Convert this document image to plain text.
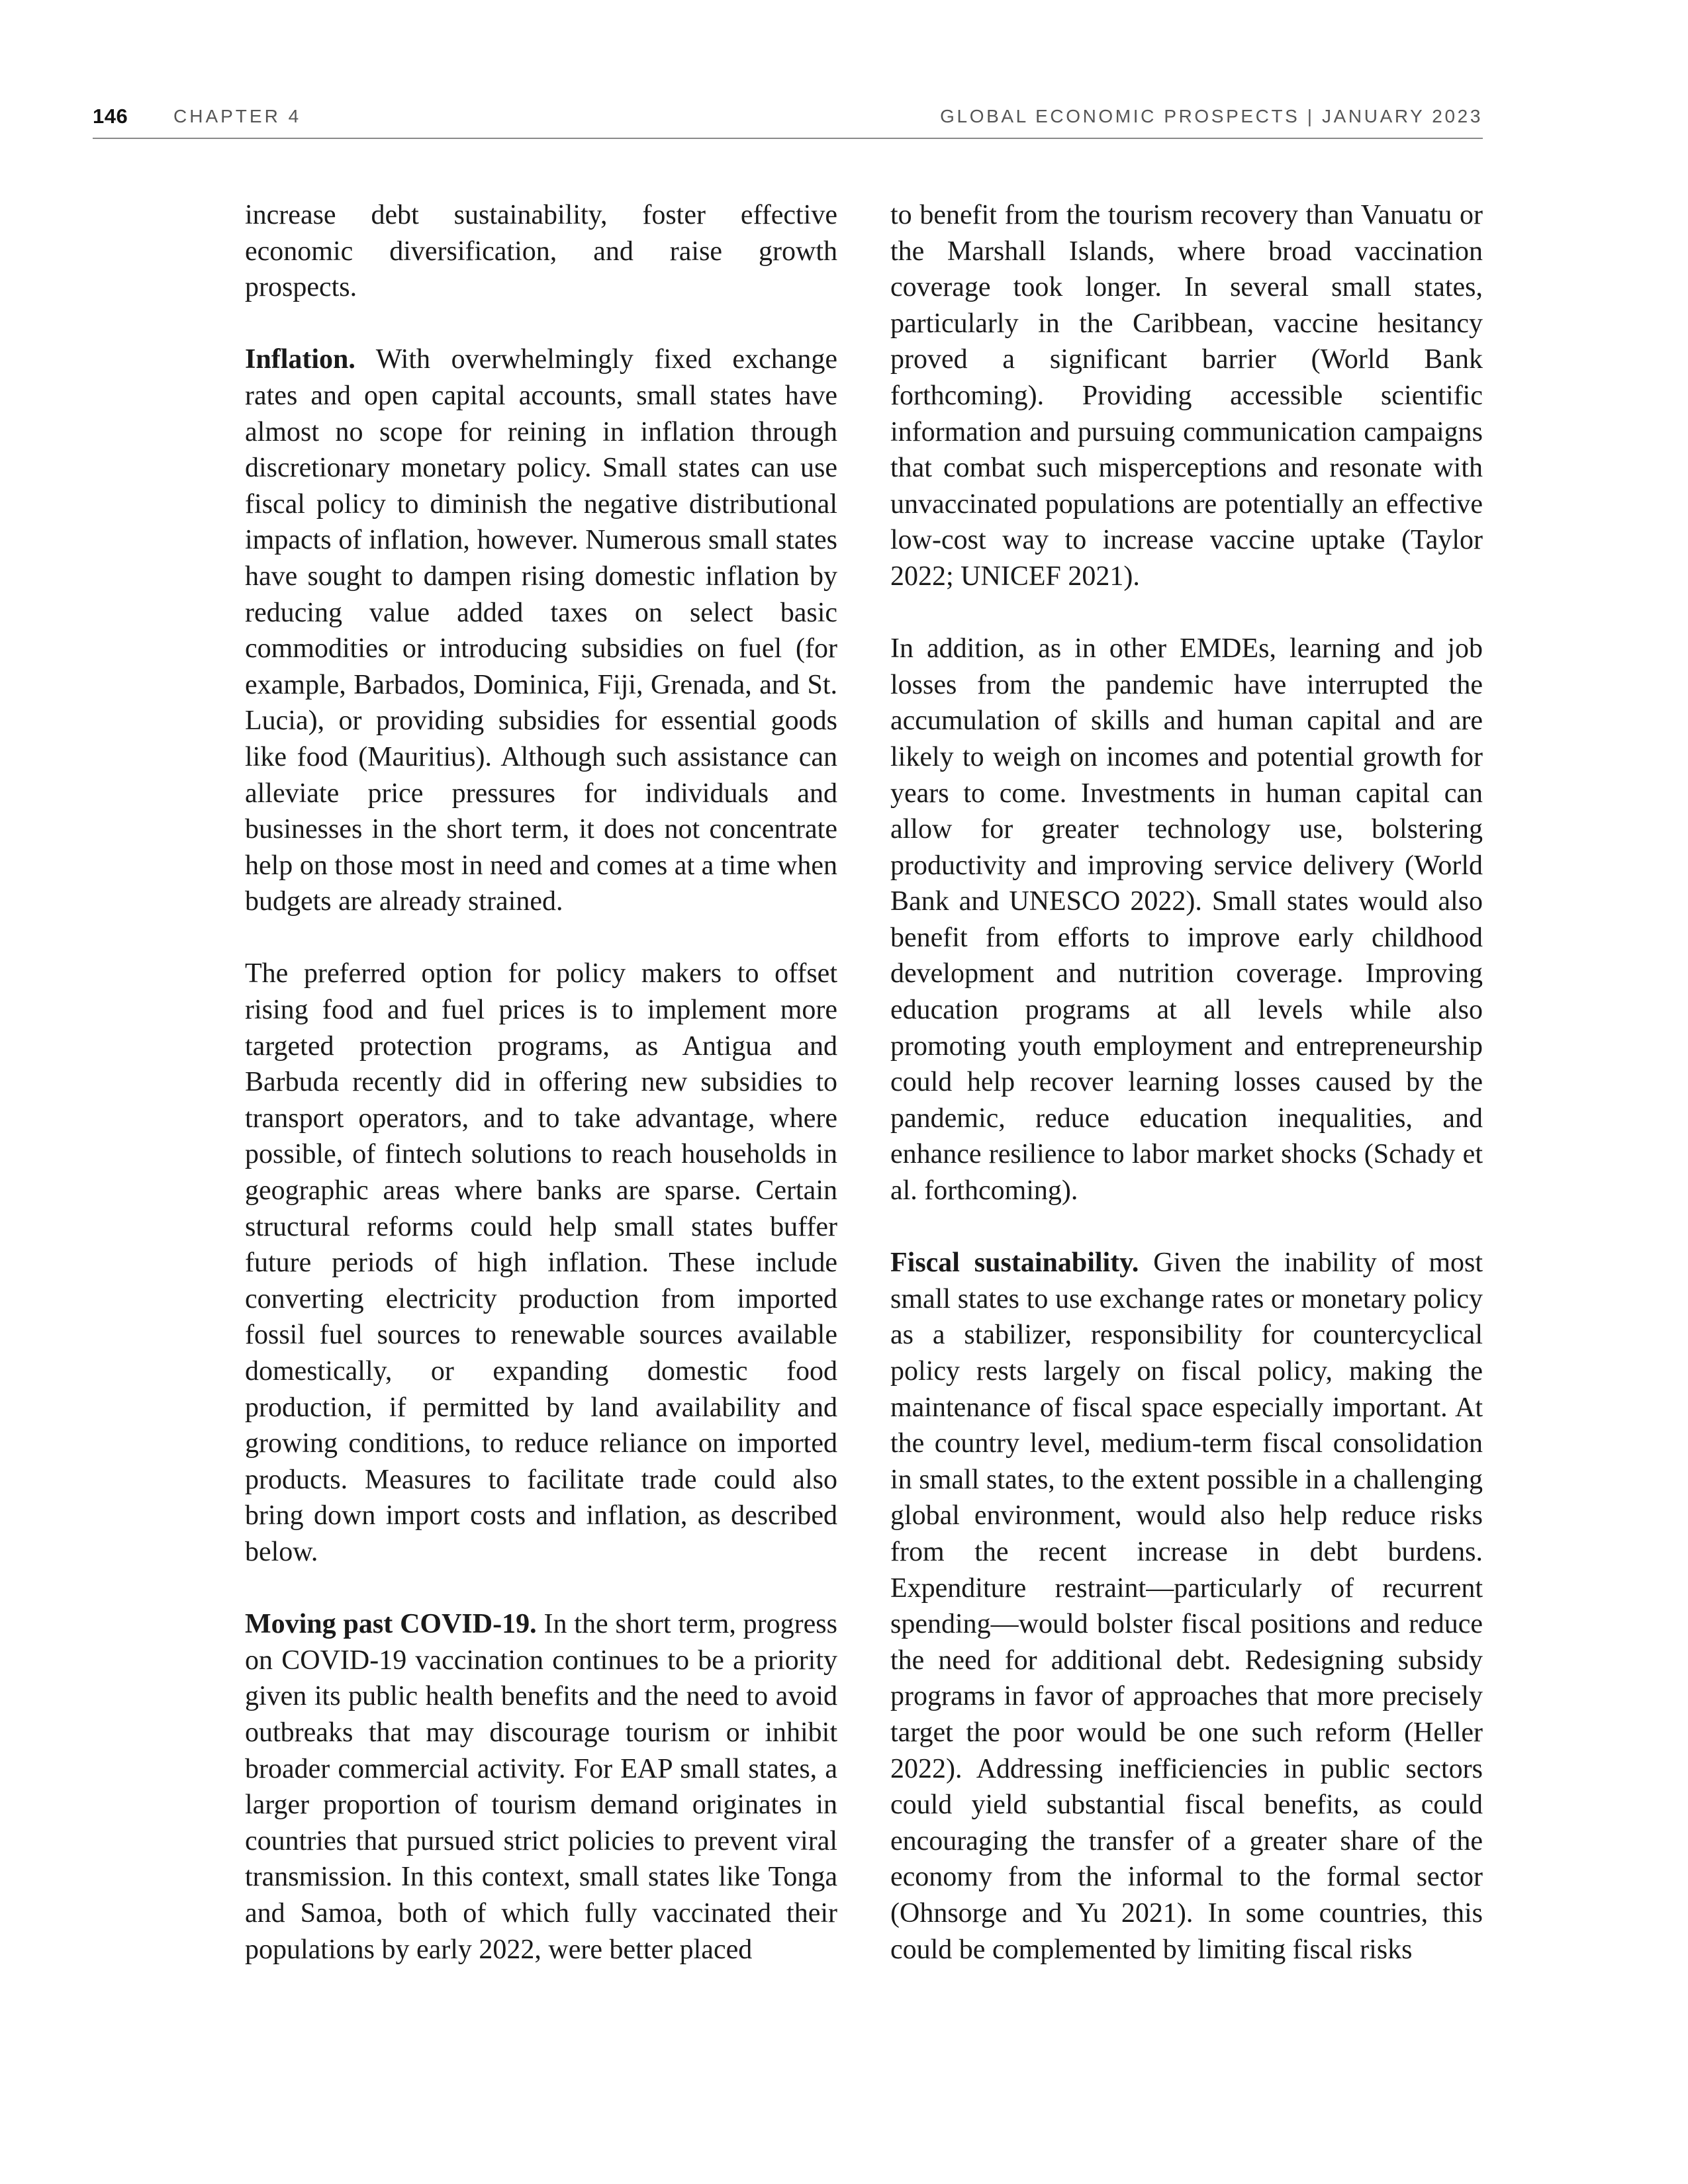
146 CHAPTER 4	GLOBAL ECONOMIC PROSPECTS | JANUARY 2023

increase debt sustainability, foster effective economic diversification, and raise growth prospects.

Inflation. With overwhelmingly fixed exchange rates and open capital accounts, small states have almost no scope for reining in inflation through discretionary monetary policy. Small states can use fiscal policy to diminish the negative distributional impacts of inflation, however. Numerous small states have sought to dampen rising domestic inflation by reducing value added taxes on select basic commodities or introducing subsidies on fuel (for example, Barbados, Dominica, Fiji, Grenada, and St. Lucia), or providing subsidies for essential goods like food (Mauritius). Although such assistance can alleviate price pressures for individuals and businesses in the short term, it does not concentrate help on those most in need and comes at a time when budgets are already strained.

The preferred option for policy makers to offset rising food and fuel prices is to implement more targeted protection programs, as Antigua and Barbuda recently did in offering new subsidies to transport operators, and to take advantage, where possible, of fintech solutions to reach households in geographic areas where banks are sparse. Certain structural reforms could help small states buffer future periods of high inflation. These include converting electricity production from imported fossil fuel sources to renewable sources available domestically, or expanding domestic food production, if permitted by land availability and growing conditions, to reduce reliance on imported products. Measures to facilitate trade could also bring down import costs and inflation, as described below.

Moving past COVID-19. In the short term, progress on COVID-19 vaccination continues to be a priority given its public health benefits and the need to avoid outbreaks that may discourage tourism or inhibit broader commercial activity. For EAP small states, a larger proportion of tourism demand originates in countries that pursued strict policies to prevent viral transmission. In this context, small states like Tonga and Samoa, both of which fully vaccinated their populations by early 2022, were better placed

to benefit from the tourism recovery than Vanuatu or the Marshall Islands, where broad vaccination coverage took longer. In several small states, particularly in the Caribbean, vaccine hesitancy proved a significant barrier (World Bank forthcoming). Providing accessible scientific information and pursuing communication campaigns that combat such misperceptions and resonate with unvaccinated populations are potentially an effective low-cost way to increase vaccine uptake (Taylor 2022; UNICEF 2021).

In addition, as in other EMDEs, learning and job losses from the pandemic have interrupted the accumulation of skills and human capital and are likely to weigh on incomes and potential growth for years to come. Investments in human capital can allow for greater technology use, bolstering productivity and improving service delivery (World Bank and UNESCO 2022). Small states would also benefit from efforts to improve early childhood development and nutrition coverage. Improving education programs at all levels while also promoting youth employment and entrepreneurship could help recover learning losses caused by the pandemic, reduce education inequalities, and enhance resilience to labor market shocks (Schady et al. forthcoming).

Fiscal sustainability. Given the inability of most small states to use exchange rates or monetary policy as a stabilizer, responsibility for countercyclical policy rests largely on fiscal policy, making the maintenance of fiscal space especially important. At the country level, medium-term fiscal consolidation in small states, to the extent possible in a challenging global environment, would also help reduce risks from the recent increase in debt burdens. Expenditure restraint—particularly of recurrent spending—would bolster fiscal positions and reduce the need for additional debt. Redesigning subsidy programs in favor of approaches that more precisely target the poor would be one such reform (Heller 2022). Addressing inefficiencies in public sectors could yield substantial fiscal benefits, as could encouraging the transfer of a greater share of the economy from the informal to the formal sector (Ohnsorge and Yu 2021). In some countries, this could be complemented by limiting fiscal risks
